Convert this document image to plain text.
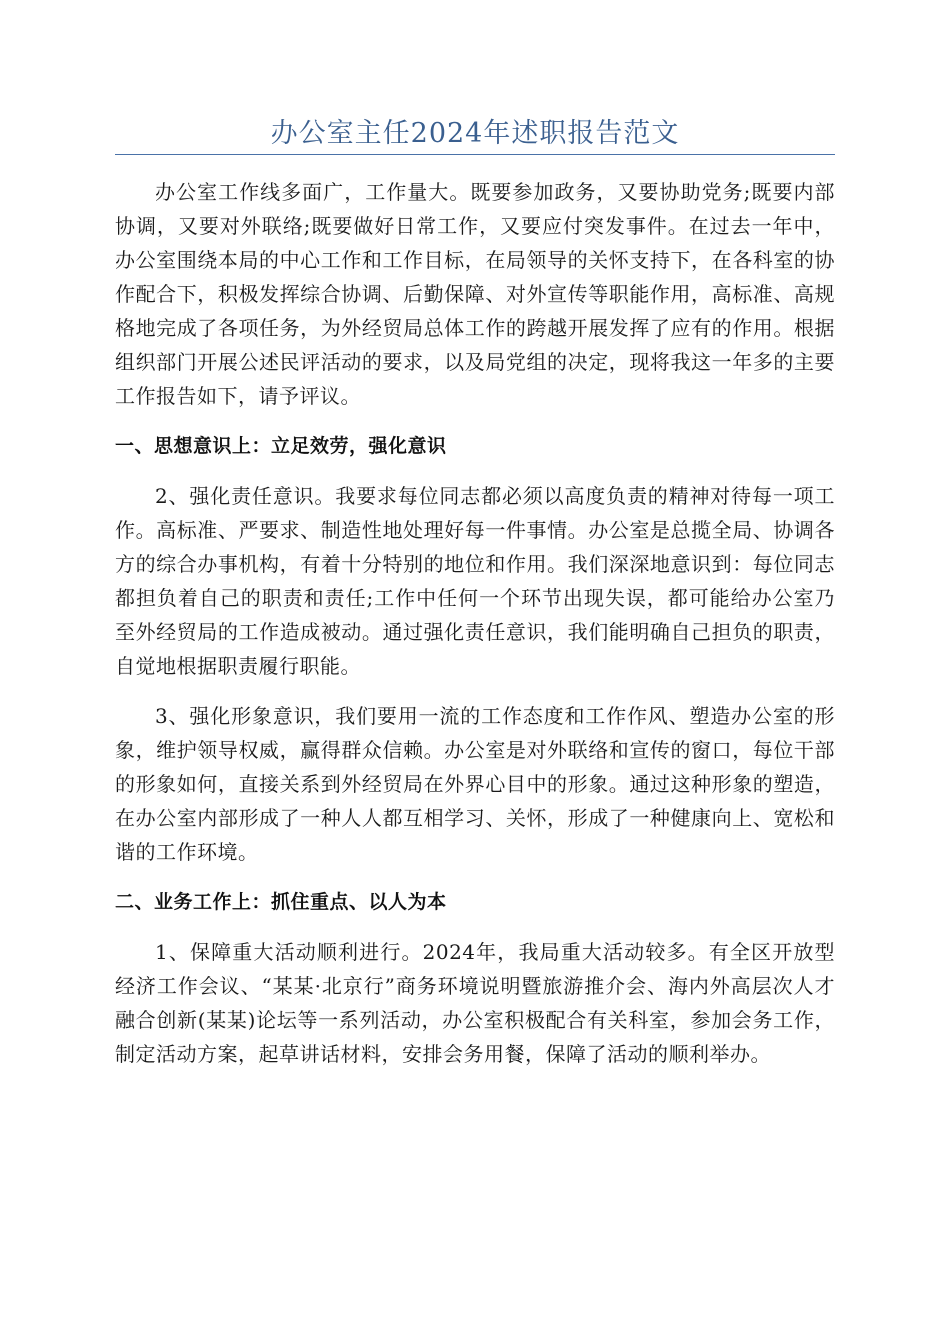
办公室主任2024年述职报告范文

办公室工作线多面广，工作量大。既要参加政务，又要协助党务;既要内部协调，又要对外联络;既要做好日常工作，又要应付突发事件。在过去一年中，办公室围绕本局的中心工作和工作目标，在局领导的关怀支持下，在各科室的协作配合下，积极发挥综合协调、后勤保障、对外宣传等职能作用，高标准、高规格地完成了各项任务，为外经贸局总体工作的跨越开展发挥了应有的作用。根据组织部门开展公述民评活动的要求，以及局党组的决定，现将我这一年多的主要工作报告如下，请予评议。

一、思想意识上：立足效劳，强化意识

2、强化责任意识。我要求每位同志都必须以高度负责的精神对待每一项工作。高标准、严要求、制造性地处理好每一件事情。办公室是总揽全局、协调各方的综合办事机构，有着十分特别的地位和作用。我们深深地意识到：每位同志都担负着自己的职责和责任;工作中任何一个环节出现失误，都可能给办公室乃至外经贸局的工作造成被动。通过强化责任意识，我们能明确自己担负的职责，自觉地根据职责履行职能。

3、强化形象意识，我们要用一流的工作态度和工作作风、塑造办公室的形象，维护领导权威，赢得群众信赖。办公室是对外联络和宣传的窗口，每位干部的形象如何，直接关系到外经贸局在外界心目中的形象。通过这种形象的塑造，在办公室内部形成了一种人人都互相学习、关怀，形成了一种健康向上、宽松和谐的工作环境。

二、业务工作上：抓住重点、以人为本

1、保障重大活动顺利进行。2024年，我局重大活动较多。有全区开放型经济工作会议、“某某·北京行”商务环境说明暨旅游推介会、海内外高层次人才融合创新(某某)论坛等一系列活动，办公室积极配合有关科室，参加会务工作，制定活动方案，起草讲话材料，安排会务用餐，保障了活动的顺利举办。
